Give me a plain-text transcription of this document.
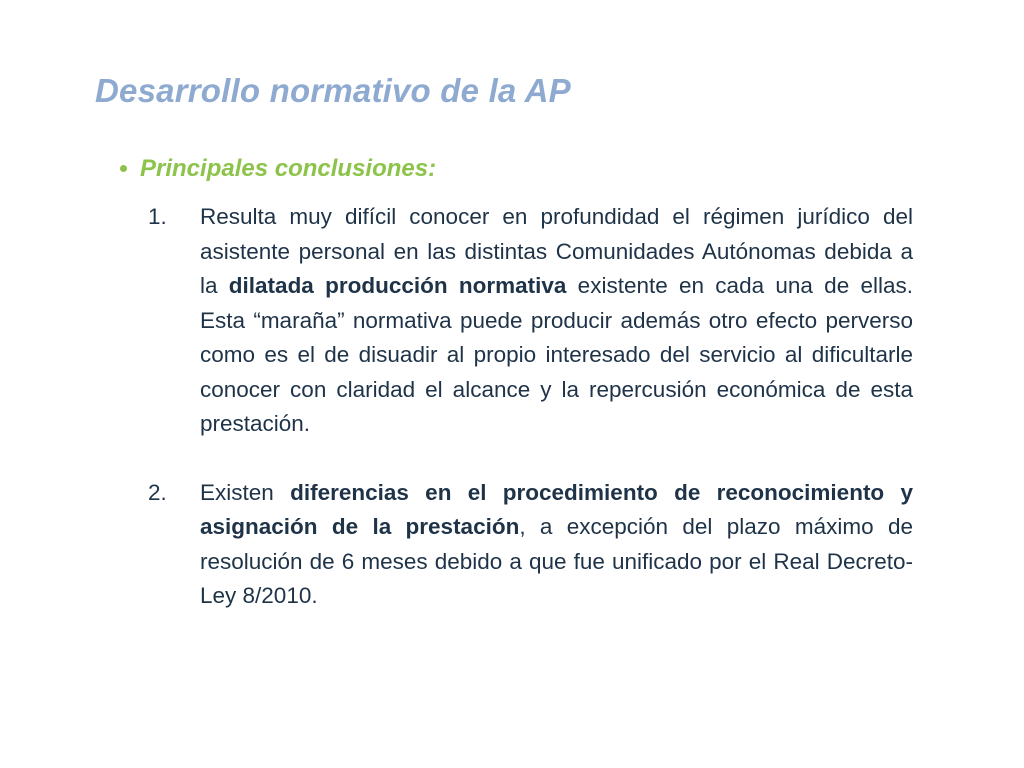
Desarrollo normativo de la AP
Principales conclusiones:
1.	Resulta muy difícil conocer en profundidad el régimen jurídico del asistente personal en las distintas Comunidades Autónomas debida a la dilatada producción normativa existente en cada una de ellas. Esta “maraña” normativa puede producir además otro efecto perverso como es el de disuadir al propio interesado del servicio al dificultarle conocer con claridad el alcance y la repercusión económica de esta prestación.
2.	Existen diferencias en el procedimiento de reconocimiento y asignación de la prestación, a excepción del plazo máximo de resolución de 6 meses debido a que fue unificado por el Real Decreto-Ley 8/2010.
